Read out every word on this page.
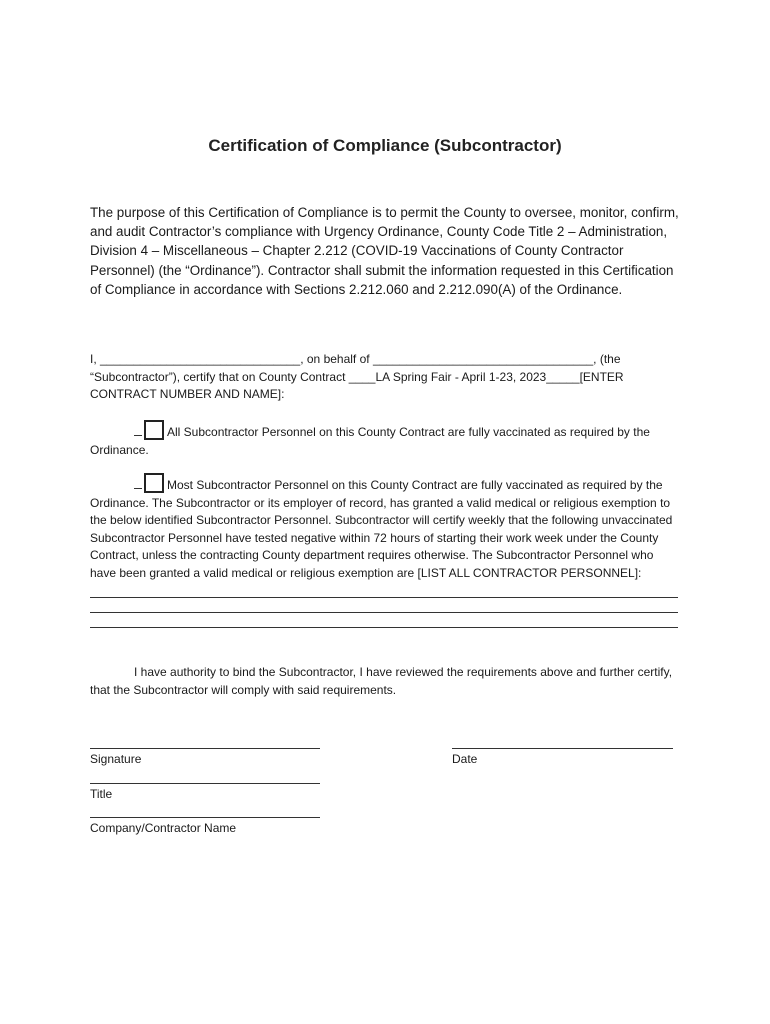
Certification of Compliance (Subcontractor)
The purpose of this Certification of Compliance is to permit the County to oversee, monitor, confirm, and audit Contractor’s compliance with Urgency Ordinance, County Code Title 2 – Administration, Division 4 – Miscellaneous – Chapter 2.212 (COVID-19 Vaccinations of County Contractor Personnel) (the “Ordinance”). Contractor shall submit the information requested in this Certification of Compliance in accordance with Sections 2.212.060 and 2.212.090(A) of the Ordinance.
I, ______________________________, on behalf of _________________________________, (the “Subcontractor”), certify that on County Contract ____LA Spring Fair - April 1-23, 2023_____[ENTER CONTRACT NUMBER AND NAME]:
All Subcontractor Personnel on this County Contract are fully vaccinated as required by the Ordinance.
Most Subcontractor Personnel on this County Contract are fully vaccinated as required by the Ordinance. The Subcontractor or its employer of record, has granted a valid medical or religious exemption to the below identified Subcontractor Personnel. Subcontractor will certify weekly that the following unvaccinated Subcontractor Personnel have tested negative within 72 hours of starting their work week under the County Contract, unless the contracting County department requires otherwise. The Subcontractor Personnel who have been granted a valid medical or religious exemption are [LIST ALL CONTRACTOR PERSONNEL]:
I have authority to bind the Subcontractor, I have reviewed the requirements above and further certify, that the Subcontractor will comply with said requirements.
Signature	Date
Title
Company/Contractor Name
